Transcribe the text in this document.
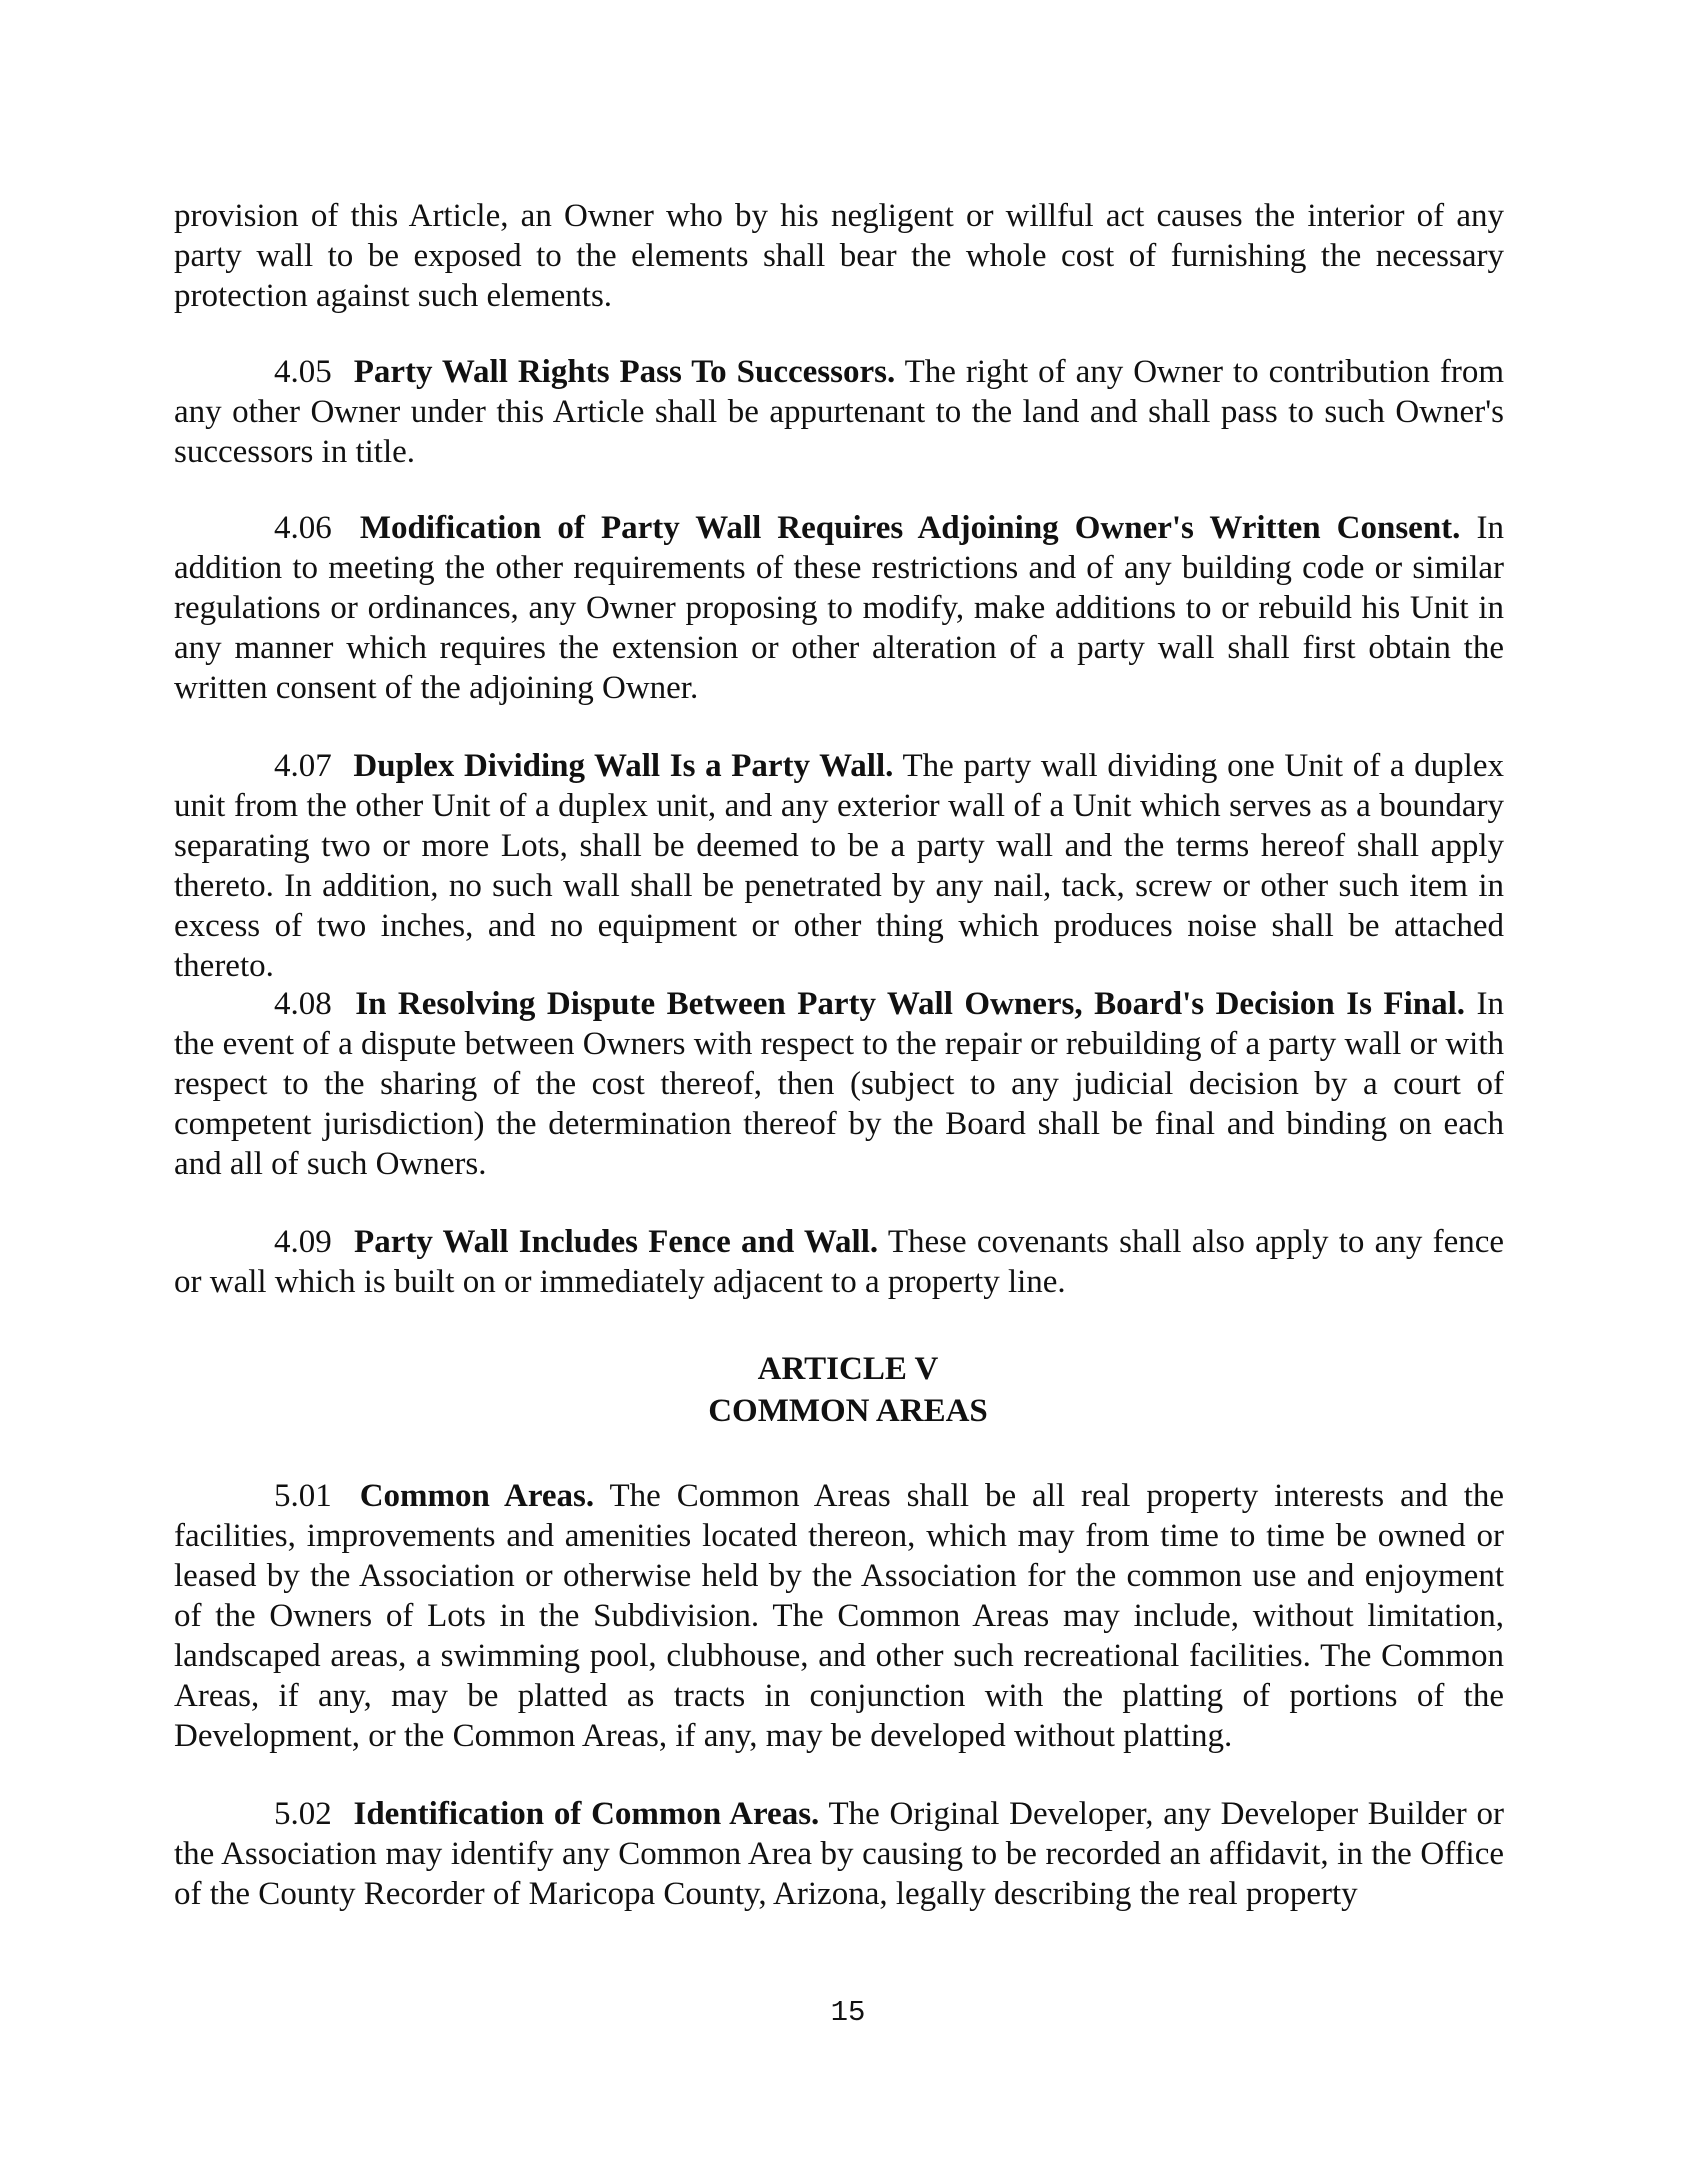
provision of this Article, an Owner who by his negligent or willful act causes the interior of any party wall to be exposed to the elements shall bear the whole cost of furnishing the necessary protection against such elements.

4.05 Party Wall Rights Pass To Successors. The right of any Owner to contribution from any other Owner under this Article shall be appurtenant to the land and shall pass to such Owner's successors in title.

4.06 Modification of Party Wall Requires Adjoining Owner's Written Consent. In addition to meeting the other requirements of these restrictions and of any building code or similar regulations or ordinances, any Owner proposing to modify, make additions to or rebuild his Unit in any manner which requires the extension or other alteration of a party wall shall first obtain the written consent of the adjoining Owner.

4.07 Duplex Dividing Wall Is a Party Wall. The party wall dividing one Unit of a duplex unit from the other Unit of a duplex unit, and any exterior wall of a Unit which serves as a boundary separating two or more Lots, shall be deemed to be a party wall and the terms hereof shall apply thereto. In addition, no such wall shall be penetrated by any nail, tack, screw or other such item in excess of two inches, and no equipment or other thing which produces noise shall be attached thereto.

4.08 In Resolving Dispute Between Party Wall Owners, Board's Decision Is Final. In the event of a dispute between Owners with respect to the repair or rebuilding of a party wall or with respect to the sharing of the cost thereof, then (subject to any judicial decision by a court of competent jurisdiction) the determination thereof by the Board shall be final and binding on each and all of such Owners.

4.09 Party Wall Includes Fence and Wall. These covenants shall also apply to any fence or wall which is built on or immediately adjacent to a property line.

ARTICLE V

COMMON AREAS

5.01 Common Areas. The Common Areas shall be all real property interests and the facilities, improvements and amenities located thereon, which may from time to time be owned or leased by the Association or otherwise held by the Association for the common use and enjoyment of the Owners of Lots in the Subdivision. The Common Areas may include, without limitation, landscaped areas, a swimming pool, clubhouse, and other such recreational facilities. The Common Areas, if any, may be platted as tracts in conjunction with the platting of portions of the Development, or the Common Areas, if any, may be developed without platting.

5.02 Identification of Common Areas. The Original Developer, any Developer Builder or the Association may identify any Common Area by causing to be recorded an affidavit, in the Office of the County Recorder of Maricopa County, Arizona, legally describing the real property

15
